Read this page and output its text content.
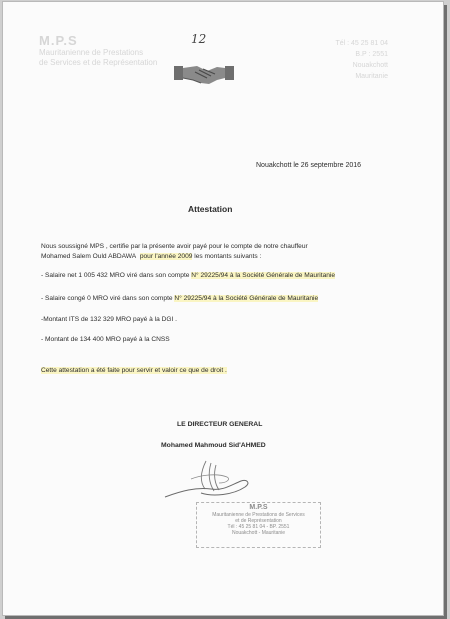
M.P.S
Mauritanienne de Prestations
de Services et de Représentation
Tél : 45 25 81 04
B.P : 2551
Nouakchott
Mauritanie
12
Nouakchott le 26 septembre 2016
Attestation
Nous soussigné MPS , certifie par la présente avoir payé pour le compte de notre chauffeur
Mohamed Salem Ould ABDAWA pour l'année 2009 les montants suivants :
- Salaire net 1 005 432 MRO viré dans son compte N° 29225/94 à la Société Générale de Mauritanie
- Salaire congé 0 MRO viré dans son compte N° 29225/94 à la Société Générale de Mauritanie
-Montant ITS de 132 329 MRO payé à la DGI .
- Montant de 134 400 MRO payé à la CNSS
Cette attestation a été faite pour servir et valoir ce que de droit .
LE DIRECTEUR GENERAL
Mohamed Mahmoud Sid'AHMED
M.P.S
Mauritanienne de Prestations de Services
et de Représentation
Tél : 45 25 81 04 - BP. 2551
Nouakchott - Mauritanie
